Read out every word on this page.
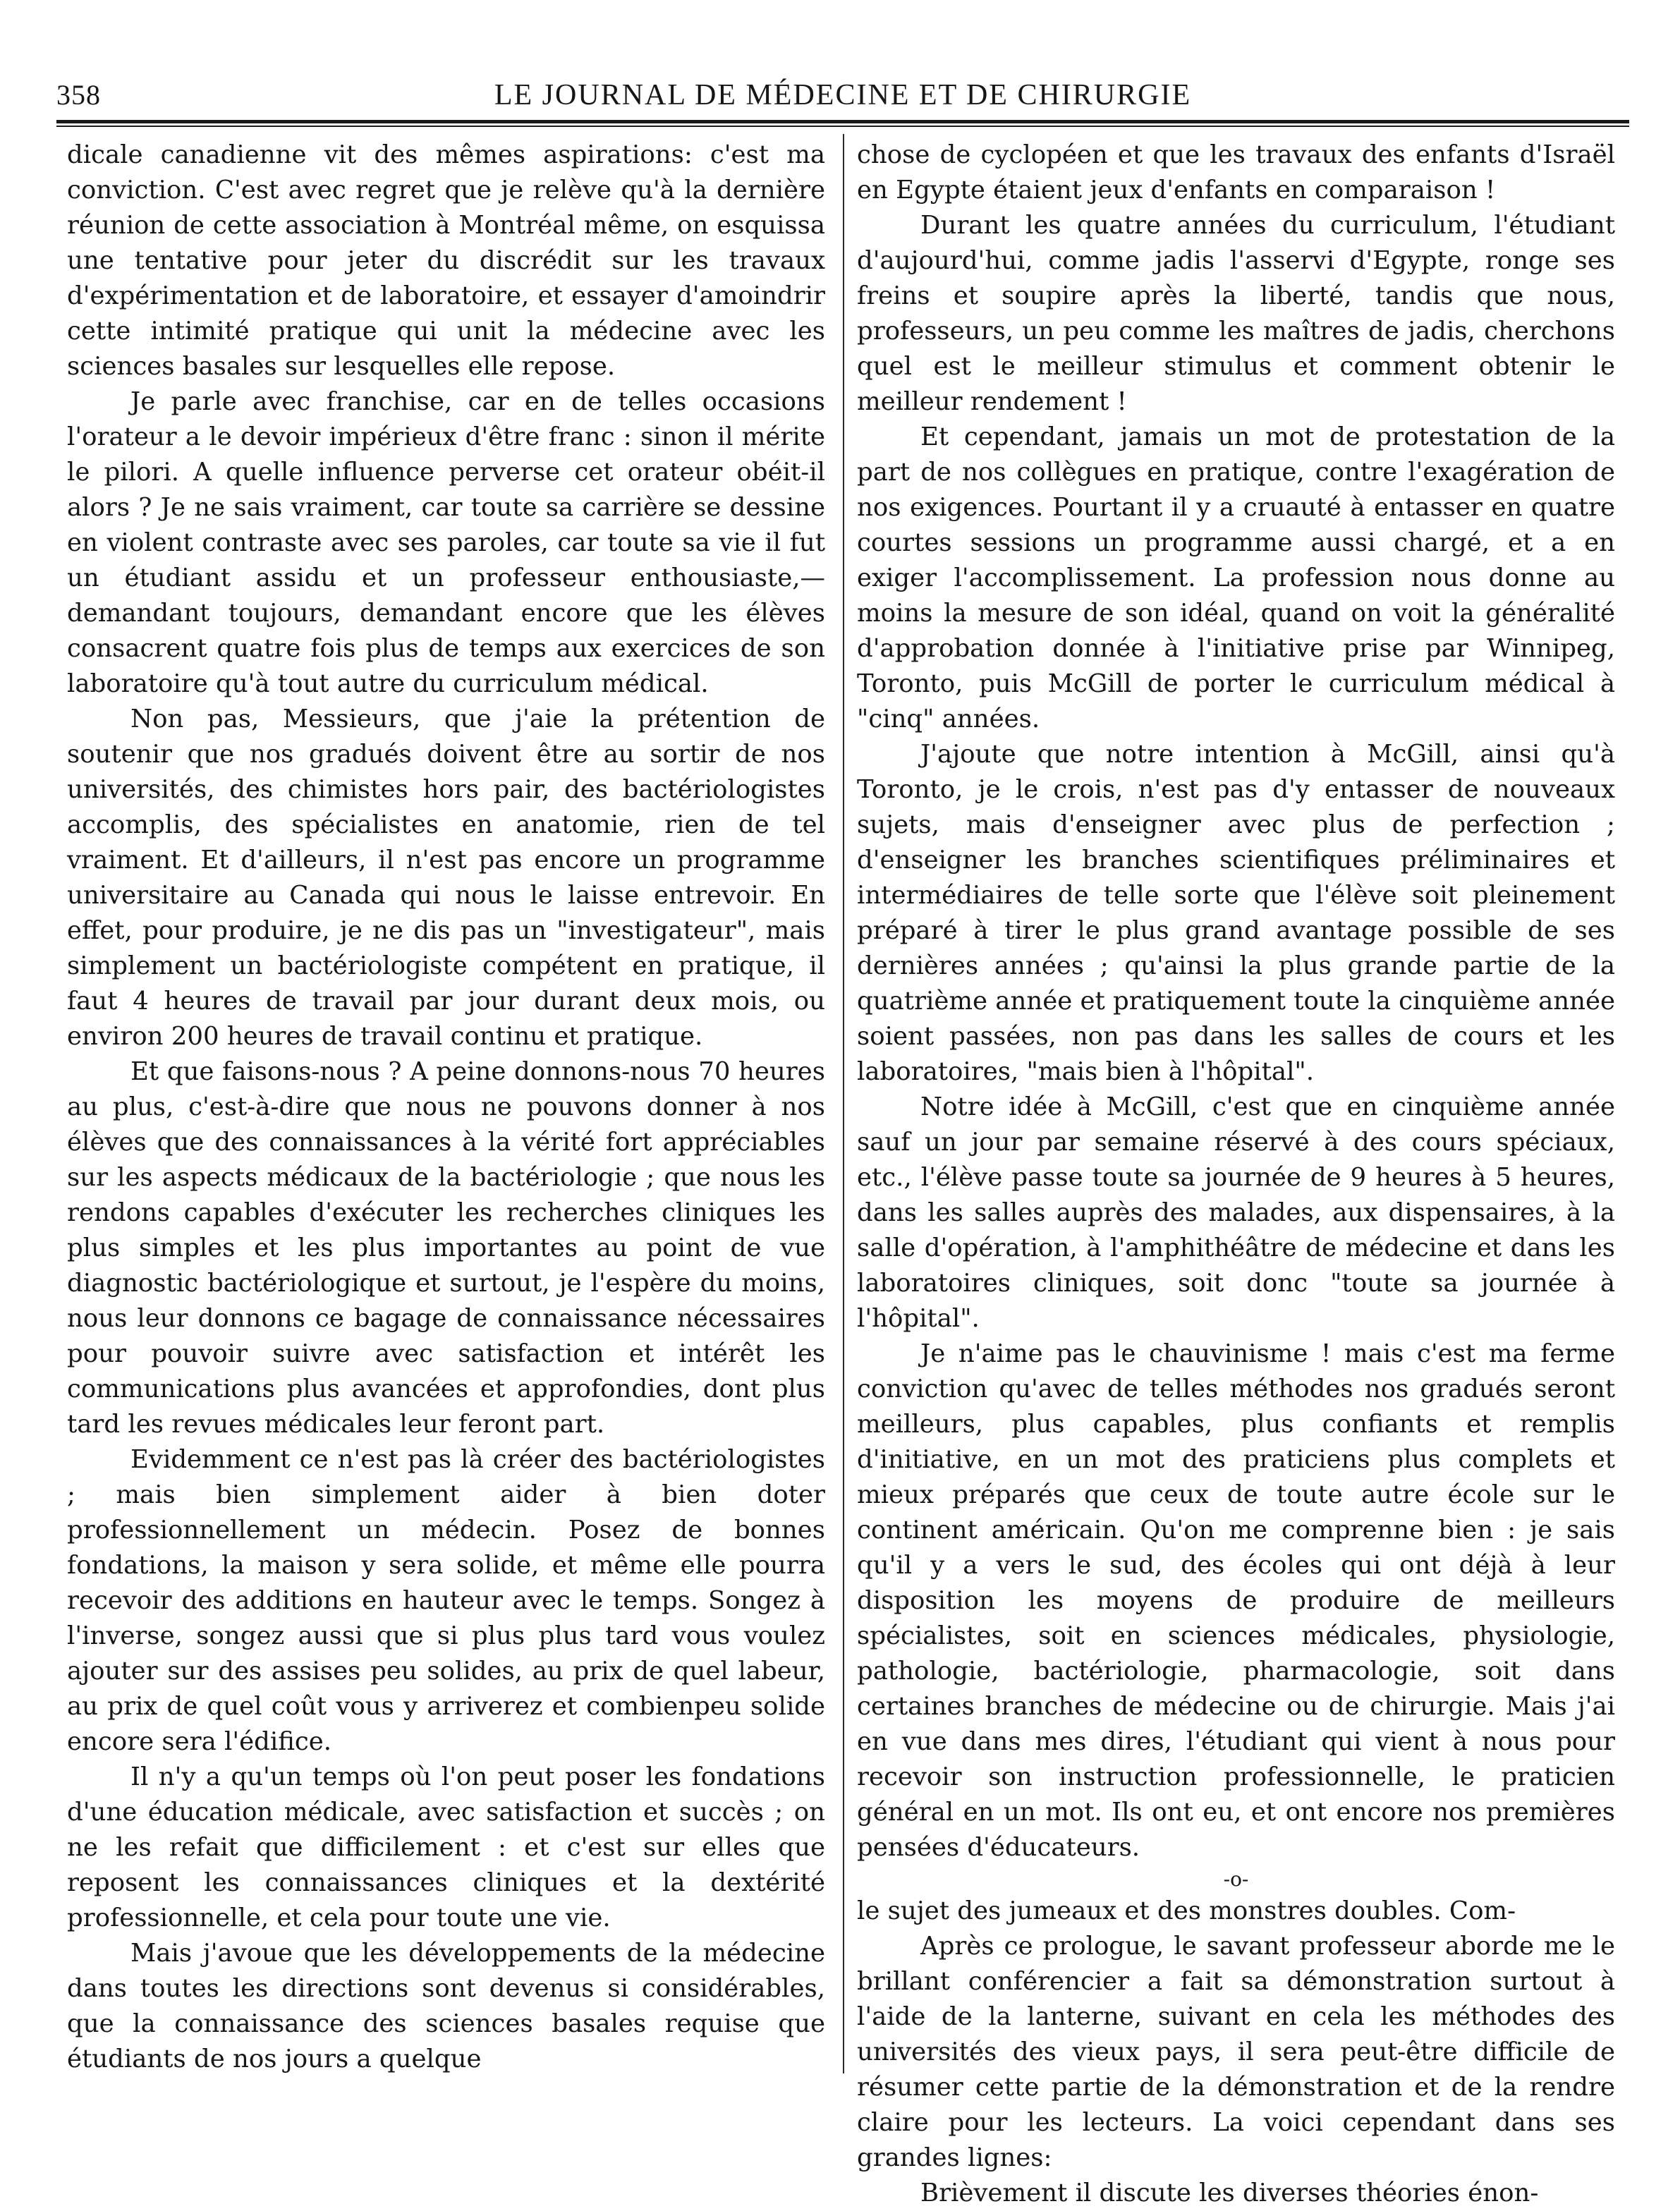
358	LE JOURNAL DE MÉDECINE ET DE CHIRURGIE

dicale canadienne vit des mêmes aspirations: c'est ma conviction. C'est avec regret que je relève qu'à la dernière réunion de cette association à Montréal même, on esquissa une tentative pour jeter du discrédit sur les travaux d'expérimentation et de laboratoire, et essayer d'amoindrir cette intimité pratique qui unit la médecine avec les sciences basales sur lesquelles elle repose.

Je parle avec franchise, car en de telles occasions l'orateur a le devoir impérieux d'être franc : sinon il mérite le pilori. A quelle influence perverse cet orateur obéit-il alors ? Je ne sais vraiment, car toute sa carrière se dessine en violent contraste avec ses paroles, car toute sa vie il fut un étudiant assidu et un professeur enthousiaste,—demandant toujours, demandant encore que les élèves consacrent quatre fois plus de temps aux exercices de son laboratoire qu'à tout autre du curriculum médical.

Non pas, Messieurs, que j'aie la prétention de soutenir que nos gradués doivent être au sortir de nos universités, des chimistes hors pair, des bactériologistes accomplis, des spécialistes en anatomie, rien de tel vraiment. Et d'ailleurs, il n'est pas encore un programme universitaire au Canada qui nous le laisse entrevoir. En effet, pour produire, je ne dis pas un "investigateur", mais simplement un bactériologiste compétent en pratique, il faut 4 heures de travail par jour durant deux mois, ou environ 200 heures de travail continu et pratique.

Et que faisons-nous ? A peine donnons-nous 70 heures au plus, c'est-à-dire que nous ne pouvons donner à nos élèves que des connaissances à la vérité fort appréciables sur les aspects médicaux de la bactériologie ; que nous les rendons capables d'exécuter les recherches cliniques les plus simples et les plus importantes au point de vue diagnostic bactériologique et surtout, je l'espère du moins, nous leur donnons ce bagage de connaissance nécessaires pour pouvoir suivre avec satisfaction et intérêt les communications plus avancées et approfondies, dont plus tard les revues médicales leur feront part.

Evidemment ce n'est pas là créer des bactériologistes ; mais bien simplement aider à bien doter professionnellement un médecin. Posez de bonnes fondations, la maison y sera solide, et même elle pourra recevoir des additions en hauteur avec le temps. Songez à l'inverse, songez aussi que si plus plus tard vous voulez ajouter sur des assises peu solides, au prix de quel labeur, au prix de quel coût vous y arriverez et combienpeu solide encore sera l'édifice.

Il n'y a qu'un temps où l'on peut poser les fondations d'une éducation médicale, avec satisfaction et succès ; on ne les refait que difficilement : et c'est sur elles que reposent les connaissances cliniques et la dextérité professionnelle, et cela pour toute une vie.

Mais j'avoue que les développements de la médecine dans toutes les directions sont devenus si considérables, que la connaissance des sciences basales requise que étudiants de nos jours a quelque

chose de cyclopéen et que les travaux des enfants d'Israël en Egypte étaient jeux d'enfants en comparaison !

Durant les quatre années du curriculum, l'étudiant d'aujourd'hui, comme jadis l'asservi d'Egypte, ronge ses freins et soupire après la liberté, tandis que nous, professeurs, un peu comme les maîtres de jadis, cherchons quel est le meilleur stimulus et comment obtenir le meilleur rendement !

Et cependant, jamais un mot de protestation de la part de nos collègues en pratique, contre l'exagération de nos exigences. Pourtant il y a cruauté à entasser en quatre courtes sessions un programme aussi chargé, et a en exiger l'accomplissement. La profession nous donne au moins la mesure de son idéal, quand on voit la généralité d'approbation donnée à l'initiative prise par Winnipeg, Toronto, puis McGill de porter le curriculum médical à "cinq" années.

J'ajoute que notre intention à McGill, ainsi qu'à Toronto, je le crois, n'est pas d'y entasser de nouveaux sujets, mais d'enseigner avec plus de perfection ; d'enseigner les branches scientifiques préliminaires et intermédiaires de telle sorte que l'élève soit pleinement préparé à tirer le plus grand avantage possible de ses dernières années ; qu'ainsi la plus grande partie de la quatrième année et pratiquement toute la cinquième année soient passées, non pas dans les salles de cours et les laboratoires, "mais bien à l'hôpital".

Notre idée à McGill, c'est que en cinquième année sauf un jour par semaine réservé à des cours spéciaux, etc., l'élève passe toute sa journée de 9 heures à 5 heures, dans les salles auprès des malades, aux dispensaires, à la salle d'opération, à l'amphithéâtre de médecine et dans les laboratoires cliniques, soit donc "toute sa journée à l'hôpital".

Je n'aime pas le chauvinisme ! mais c'est ma ferme conviction qu'avec de telles méthodes nos gradués seront meilleurs, plus capables, plus confiants et remplis d'initiative, en un mot des praticiens plus complets et mieux préparés que ceux de toute autre école sur le continent américain. Qu'on me comprenne bien : je sais qu'il y a vers le sud, des écoles qui ont déjà à leur disposition les moyens de produire de meilleurs spécialistes, soit en sciences médicales, physiologie, pathologie, bactériologie, pharmacologie, soit dans certaines branches de médecine ou de chirurgie. Mais j'ai en vue dans mes dires, l'étudiant qui vient à nous pour recevoir son instruction professionnelle, le praticien général en un mot. Ils ont eu, et ont encore nos premières pensées d'éducateurs.

-o-

le sujet des jumeaux et des monstres doubles. Com-

Après ce prologue, le savant professeur aborde me le brillant conférencier a fait sa démonstration surtout à l'aide de la lanterne, suivant en cela les méthodes des universités des vieux pays, il sera peut-être difficile de résumer cette partie de la démonstration et de la rendre claire pour les lecteurs. La voici cependant dans ses grandes lignes:

Brièvement il discute les diverses théories énon-
